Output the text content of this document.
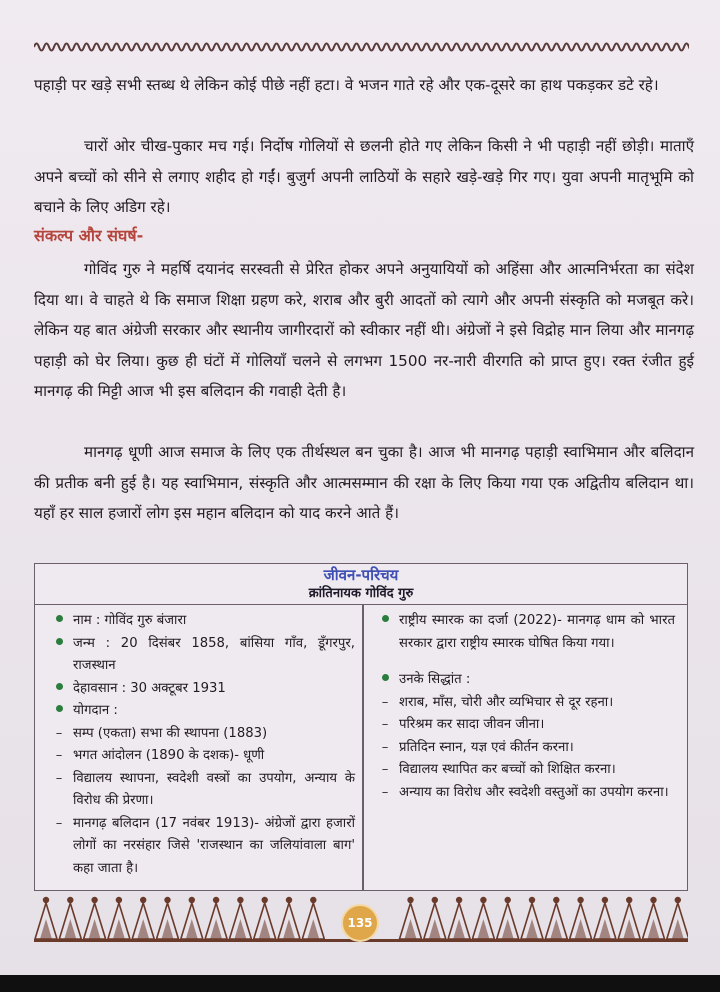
पहाड़ी पर खड़े सभी स्तब्ध थे लेकिन कोई पीछे नहीं हटा। वे भजन गाते रहे और एक-दूसरे का हाथ पकड़कर डटे रहे।

चारों ओर चीख-पुकार मच गई। निर्दोष गोलियों से छलनी होते गए लेकिन किसी ने भी पहाड़ी नहीं छोड़ी। माताएँ अपने बच्चों को सीने से लगाए शहीद हो गईं। बुजुर्ग अपनी लाठियों के सहारे खड़े-खड़े गिर गए। युवा अपनी मातृभूमि को बचाने के लिए अडिग रहे।

संकल्प और संघर्ष-

गोविंद गुरु ने महर्षि दयानंद सरस्वती से प्रेरित होकर अपने अनुयायियों को अहिंसा और आत्मनिर्भरता का संदेश दिया था। वे चाहते थे कि समाज शिक्षा ग्रहण करे, शराब और बुरी आदतों को त्यागे और अपनी संस्कृति को मजबूत करे। लेकिन यह बात अंग्रेजी सरकार और स्थानीय जागीरदारों को स्वीकार नहीं थी। अंग्रेजों ने इसे विद्रोह मान लिया और मानगढ़ पहाड़ी को घेर लिया। कुछ ही घंटों में गोलियाँ चलने से लगभग 1500 नर-नारी वीरगति को प्राप्त हुए। रक्त रंजीत हुई मानगढ़ की मिट्टी आज भी इस बलिदान की गवाही देती है।

मानगढ़ धूणी आज समाज के लिए एक तीर्थस्थल बन चुका है। आज भी मानगढ़ पहाड़ी स्वाभिमान और बलिदान की प्रतीक बनी हुई है। यह स्वाभिमान, संस्कृति और आत्मसम्मान की रक्षा के लिए किया गया एक अद्वितीय बलिदान था। यहाँ हर साल हजारों लोग इस महान बलिदान को याद करने आते हैं।

जीवन-परिचय
क्रांतिनायक गोविंद गुरु
नाम : गोविंद गुरु बंजारा
जन्म : 20 दिसंबर 1858, बांसिया गाँव, डूँगरपुर, राजस्थान
देहावसान : 30 अक्टूबर 1931
योगदान :
–
सम्प (एकता) सभा की स्थापना (1883)
–
भगत आंदोलन (1890 के दशक)- धूणी
–
विद्यालय स्थापना, स्वदेशी वस्त्रों का उपयोग, अन्याय के विरोध की प्रेरणा।
–
मानगढ़ बलिदान (17 नवंबर 1913)- अंग्रेजों द्वारा हजारों लोगों का नरसंहार जिसे 'राजस्थान का जलियांवाला बाग' कहा जाता है।
राष्ट्रीय स्मारक का दर्जा (2022)- मानगढ़ धाम को भारत सरकार द्वारा राष्ट्रीय स्मारक घोषित किया गया।
उनके सिद्धांत :
–
शराब, माँस, चोरी और व्यभिचार से दूर रहना।
–
परिश्रम कर सादा जीवन जीना।
–
प्रतिदिन स्नान, यज्ञ एवं कीर्तन करना।
–
विद्यालय स्थापित कर बच्चों को शिक्षित करना।
–
अन्याय का विरोध और स्वदेशी वस्तुओं का उपयोग करना।
135
